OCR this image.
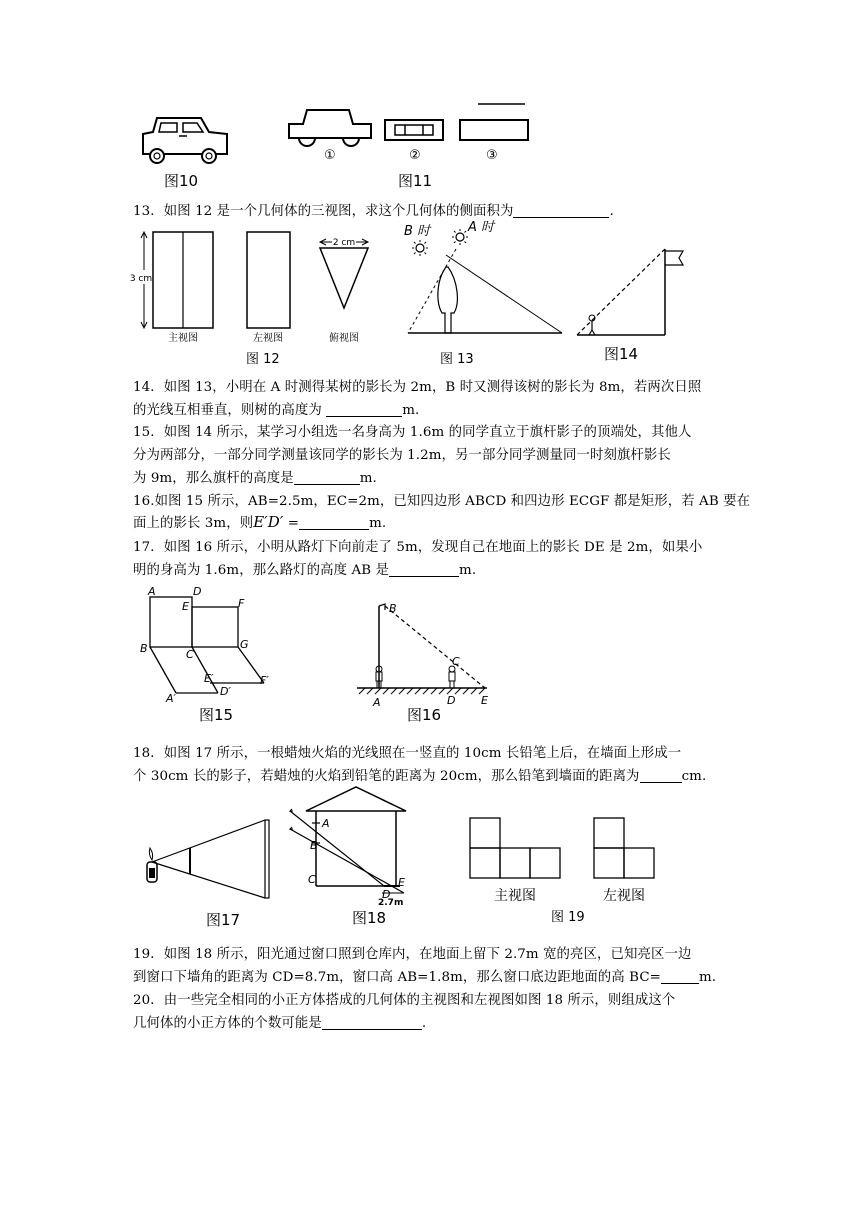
图10
①	②	③
图11
13．如图 12 是一个几何体的三视图，求这个几何体的侧面积为	.
3 cm
2 cm
主视图	左视图	俯视图
图 12
B 时	A 时
图 13	图14
14．如图 13，小明在 A 时测得某树的影长为 2m，B 时又测得该树的影长为 8m，若两次日照
的光线互相垂直，则树的高度为	m.
15．如图 14 所示，某学习小组选一名身高为 1.6m 的同学直立于旗杆影子的顶端处，其他人
分为两部分，一部分同学测量该同学的影长为 1.2m，另一部分同学测量同一时刻旗杆影长
为 9m，那么旗杆的高度是	m.
16.如图 15 所示，AB=2.5m，EC=2m，已知四边形 ABCD 和四边形 ECGF 都是矩形，若 AB 要在
面上的影长 3m，则E′D′ =	m.
17．如图 16 所示，小明从路灯下向前走了 5m，发现自己在地面上的影长 DE 是 2m，如果小
明的身高为 1.6m，那么路灯的高度 AB 是	m.
A	D
E	F
B	C
G
A′
E′
D′
F′
图15
B
C
A	D E
图16
18．如图 17 所示，一根蜡烛火焰的光线照在一竖直的 10cm 长铅笔上后，在墙面上形成一
个 30cm 长的影子，若蜡烛的火焰到铅笔的距离为 20cm，那么铅笔到墙面的距离为	cm.
图17
A
B
C
D
E
2.7m
图18
主视图	左视图
图 19
19．如图 18 所示，阳光通过窗口照到仓库内，在地面上留下 2.7m 宽的亮区，已知亮区一边
到窗口下墙角的距离为 CD=8.7m，窗口高 AB=1.8m，那么窗口底边距地面的高 BC=	m.
20．由一些完全相同的小正方体搭成的几何体的主视图和左视图如图 18 所示，则组成这个
几何体的小正方体的个数可能是	.
